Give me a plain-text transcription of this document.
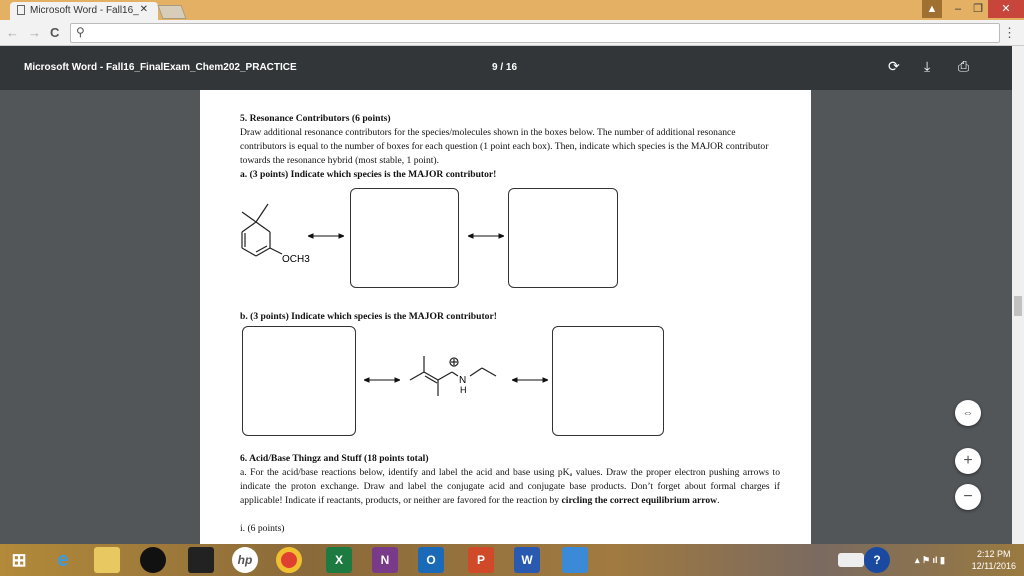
Microsoft Word - Fall16_ ✕	▲	–	❐	✕
← → C ⚲	⋮
Microsoft Word - Fall16_FinalExam_Chem202_PRACTICE	9 / 16	⟳ ⤓ ⎙
5. Resonance Contributors (6 points)
Draw additional resonance contributors for the species/molecules shown in the boxes below. The number of additional resonance contributors is equal to the number of boxes for each question (1 point each box). Then, indicate which species is the MAJOR contributor towards the resonance hybrid (most stable, 1 point).
a. (3 points) Indicate which species is the MAJOR contributor!
OCH3
b. (3 points) Indicate which species is the MAJOR contributor!
N
H
6. Acid/Base Thingz and Stuff (18 points total)
a. For the acid/base reactions below, identify and label the acid and base using pKₐ values. Draw the proper electron pushing arrows to indicate the proton exchange. Draw and label the conjugate acid and conjugate base products. Don’t forget about formal charges if applicable! Indicate if reactants, products, or neither are favored for the reaction by circling the correct equilibrium arrow.
i. (6 points)
⇔
+
−
⊞	e	hp	X	N	O	P	W	?	▴ ⚑ ıl ▮
2:12 PM
12/11/2016
